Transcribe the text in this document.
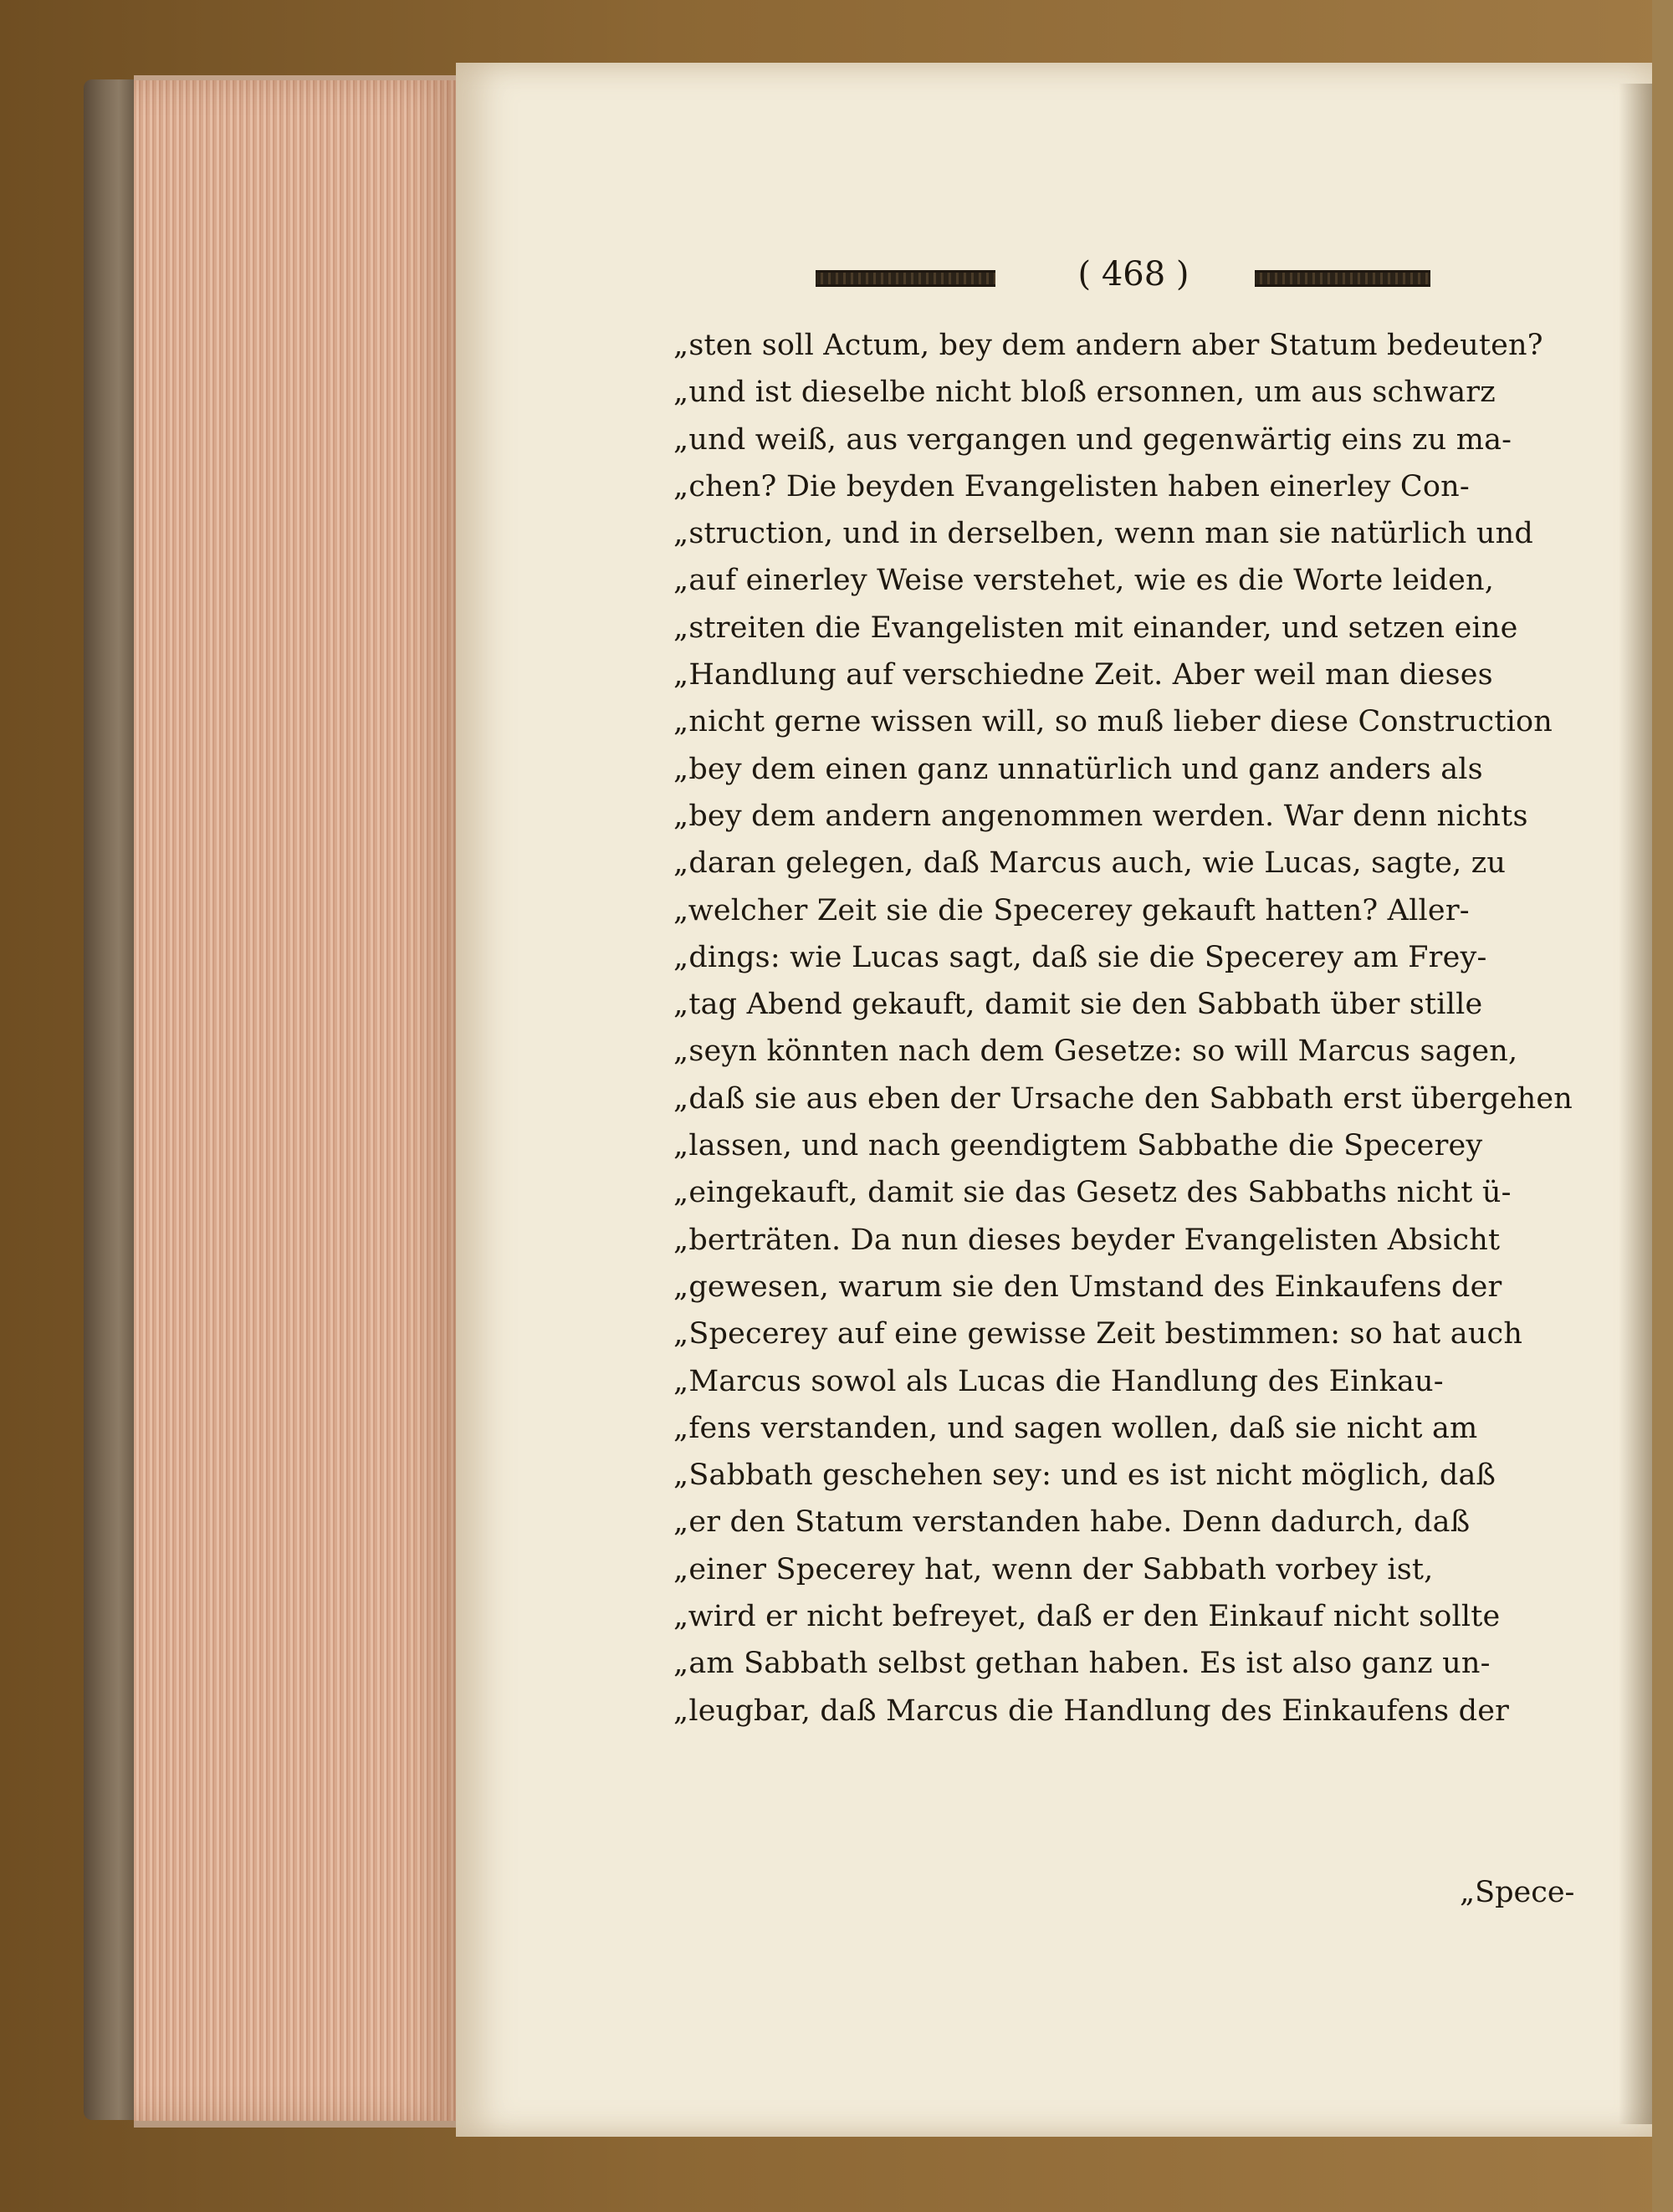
( 468 )
„sten soll Actum, bey dem andern aber Statum bedeuten?
„und ist dieselbe nicht bloß ersonnen, um aus schwarz
„und weiß, aus vergangen und gegenwärtig eins zu ma-
„chen? Die beyden Evangelisten haben einerley Con-
„struction, und in derselben, wenn man sie natürlich und
„auf einerley Weise verstehet, wie es die Worte leiden,
„streiten die Evangelisten mit einander, und setzen eine
„Handlung auf verschiedne Zeit. Aber weil man dieses
„nicht gerne wissen will, so muß lieber diese Construction
„bey dem einen ganz unnatürlich und ganz anders als
„bey dem andern angenommen werden. War denn nichts
„daran gelegen, daß Marcus auch, wie Lucas, sagte, zu
„welcher Zeit sie die Specerey gekauft hatten? Aller-
„dings: wie Lucas sagt, daß sie die Specerey am Frey-
„tag Abend gekauft, damit sie den Sabbath über stille
„seyn könnten nach dem Gesetze: so will Marcus sagen,
„daß sie aus eben der Ursache den Sabbath erst übergehen
„lassen, und nach geendigtem Sabbathe die Specerey
„eingekauft, damit sie das Gesetz des Sabbaths nicht ü-
„berträten. Da nun dieses beyder Evangelisten Absicht
„gewesen, warum sie den Umstand des Einkaufens der
„Specerey auf eine gewisse Zeit bestimmen: so hat auch
„Marcus sowol als Lucas die Handlung des Einkau-
„fens verstanden, und sagen wollen, daß sie nicht am
„Sabbath geschehen sey: und es ist nicht möglich, daß
„er den Statum verstanden habe. Denn dadurch, daß
„einer Specerey hat, wenn der Sabbath vorbey ist,
„wird er nicht befreyet, daß er den Einkauf nicht sollte
„am Sabbath selbst gethan haben. Es ist also ganz un-
„leugbar, daß Marcus die Handlung des Einkaufens der
„Spece-
